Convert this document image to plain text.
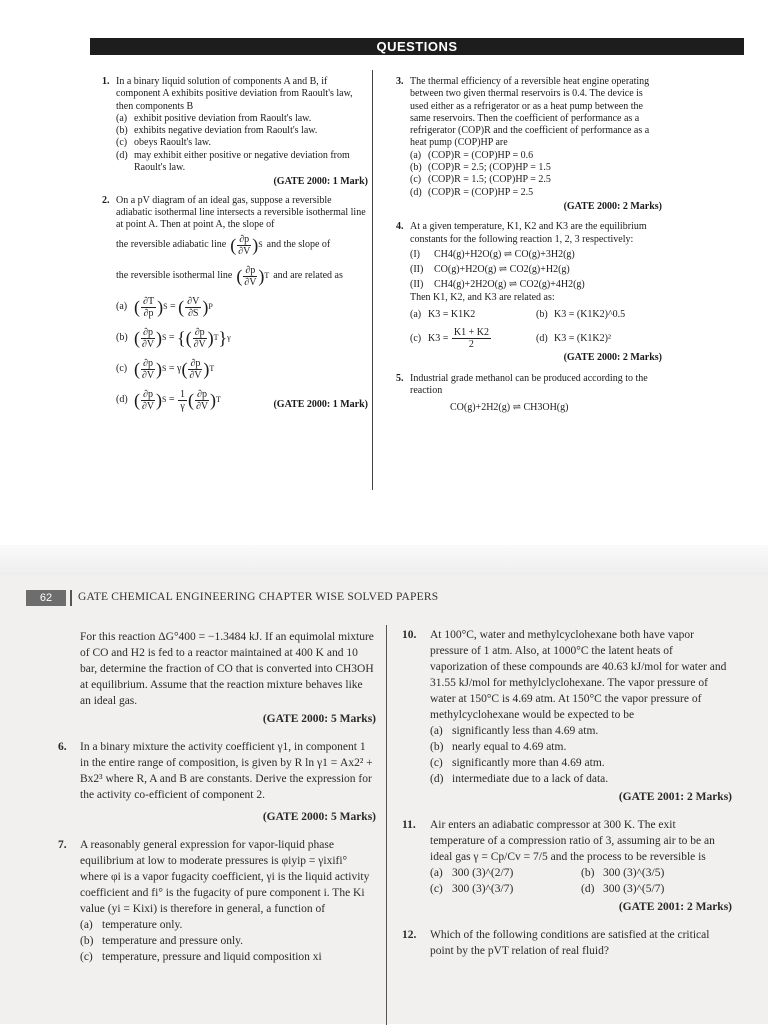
QUESTIONS
1. In a binary liquid solution of components A and B, if component A exhibits positive deviation from Raoult's law, then components B
(a) exhibit positive deviation from Raoult's law.
(b) exhibits negative deviation from Raoult's law.
(c) obeys Raoult's law.
(d) may exhibit either positive or negative deviation from Raoult's law.
(GATE 2000: 1 Mark)
2. On a pV diagram of an ideal gas, suppose a reversible adiabatic isothermal line intersects a reversible isothermal line at point A. Then at point A, the slope of
the reversible adiabatic line ( $\frac{\partial p}{\partial V}$ ) S and the slope of
the reversible isothermal line ( $\frac{\partial p}{\partial V}$ ) T and are related as
(a) ( $\frac{\partial T}{\partial p}$ ) S = ( $\frac{\partial V}{\partial S}$ ) P
(b) ( $\frac{\partial p}{\partial V}$ ) S = { ( $\frac{\partial p}{\partial V}$ ) T } γ
(c) ( $\frac{\partial p}{\partial V}$ ) S = γ ( $\frac{\partial p}{\partial V}$ ) T
(d) ( $\frac{\partial p}{\partial V}$ ) $S = \frac{1}{\gamma}$ ( $\frac{\partial p}{\partial V}$ ) T	(GATE 2000: 1 Mark)
3. The thermal efficiency of a reversible heat engine operating between two given thermal reservoirs is 0.4. The device is used either as a refrigerator or as a heat pump between the same reservoirs. Then the coefficient of performance as a refrigerator (COP)R and the coefficient of performance as a heat pump (COP)HP are
(a) (COP)R = (COP)HP = 0.6
(b) (COP)R = 2.5; (COP)HP = 1.5
(c) (COP)R = 1.5; (COP)HP = 2.5
(d) (COP)R = (COP)HP = 2.5
(GATE 2000: 2 Marks)
4. At a given temperature, K1, K2 and K3 are the equilibrium constants for the following reaction 1, 2, 3 respectively:
(I)	CH4(g)+H2O(g) ⇌ CO(g)+3H2(g)
(II)	CO(g)+H2O(g) ⇌ CO2(g)+H2(g)
(II)	CH4(g)+2H2O(g) ⇌ CO2(g)+4H2(g)
Then K1, K2, and K3 are related as:
(a) K3 = K1K2	(b) K3 = (K1K2)^0.5
(c) K3 =
$\frac{K1 + K2}{2}$	(d) K3 = (K1K2)²
(GATE 2000: 2 Marks)
5. Industrial grade methanol can be produced according to the reaction
CO(g)+2H2(g) ⇌ CH3OH(g)
62	GATE CHEMICAL ENGINEERING CHAPTER WISE SOLVED PAPERS
For this reaction ΔG°400 = −1.3484 kJ. If an equimolal mixture of CO and H2 is fed to a reactor maintained at 400 K and 10 bar, determine the fraction of CO that is converted into CH3OH at equilibrium. Assume that the reaction mixture behaves like an ideal gas.
(GATE 2000: 5 Marks)
6.	In a binary mixture the activity coefficient γ1, in component 1 in the entire range of composition, is given by R ln γ1 = Ax2² + Bx2³ where R, A and B are constants. Derive the expression for the activity co-efficient of component 2.
(GATE 2000: 5 Marks)
7.	A reasonably general expression for vapor-liquid phase equilibrium at low to moderate pressures is φiyip = γixifi° where φi is a vapor fugacity coefficient, γi is the liquid activity coefficient and fi° is the fugacity of pure component i. The Ki value (yi = Kixi) is therefore in general, a function of
(a) temperature only.
(b) temperature and pressure only.
(c) temperature, pressure and liquid composition xi
10.	At 100°C, water and methylcyclohexane both have vapor pressure of 1 atm. Also, at 1000°C the latent heats of vaporization of these compounds are 40.63 kJ/mol for water and 31.55 kJ/mol for methylclyclohexane. The vapor pressure of water at 150°C is 4.69 atm. At 150°C the vapor pressure of methylcyclohexane would be expected to be
(a) significantly less than 4.69 atm.
(b) nearly equal to 4.69 atm.
(c) significantly more than 4.69 atm.
(d) intermediate due to a lack of data.
(GATE 2001: 2 Marks)
11.	Air enters an adiabatic compressor at 300 K. The exit temperature of a compression ratio of 3, assuming air to be an ideal gas γ = Cp/Cv = 7/5 and the process to be reversible is
(a) 300 (3)^(2/7)	(b) 300 (3)^(3/5)
(c) 300 (3)^(3/7)	(d) 300 (3)^(5/7)
(GATE 2001: 2 Marks)
12.	Which of the following conditions are satisfied at the critical point by the pVT relation of real fluid?
